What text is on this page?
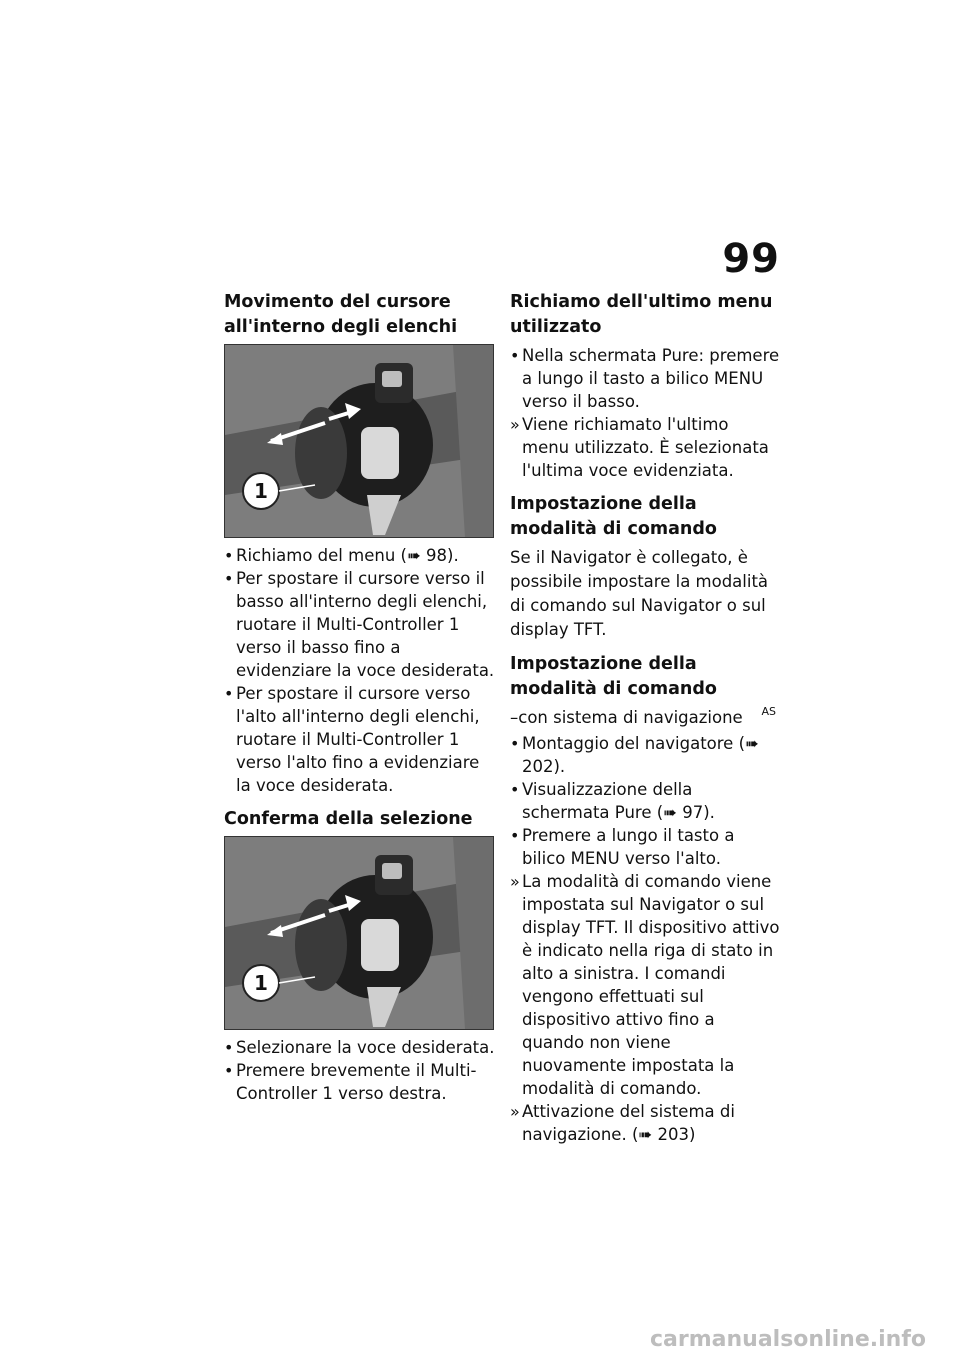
99
Movimento del cursore all'interno degli elenchi
1
• Richiamo del menu (➠ 98).
• Per spostare il cursore verso il basso all'interno degli elenchi, ruotare il Multi-Controller 1 verso il basso fino a evidenziare la voce desiderata.
• Per spostare il cursore verso l'alto all'interno degli elenchi, ruotare il Multi-Controller 1 verso l'alto fino a evidenziare la voce desiderata.
Conferma della selezione
1
• Selezionare la voce desiderata.
• Premere brevemente il Multi-Controller 1 verso destra.
Richiamo dell'ultimo menu utilizzato
• Nella schermata Pure: premere a lungo il tasto a bilico MENU verso il basso.
» Viene richiamato l'ultimo menu utilizzato. È selezionata l'ultima voce evidenziata.
Impostazione della modalità di comando

Se il Navigator è collegato, è possibile impostare la modalità di comando sul Navigator o sul display TFT.

Impostazione della modalità di comando
–con sistema di navigazione AS
• Montaggio del navigatore (➠ 202).
• Visualizzazione della schermata Pure (➠ 97).
• Premere a lungo il tasto a bilico MENU verso l'alto.
» La modalità di comando viene impostata sul Navigator o sul display TFT. Il dispositivo attivo è indicato nella riga di stato in alto a sinistra. I comandi vengono effettuati sul dispositivo attivo fino a quando non viene nuovamente impostata la modalità di comando.
» Attivazione del sistema di navigazione. (➠ 203)
carmanualsonline.info
